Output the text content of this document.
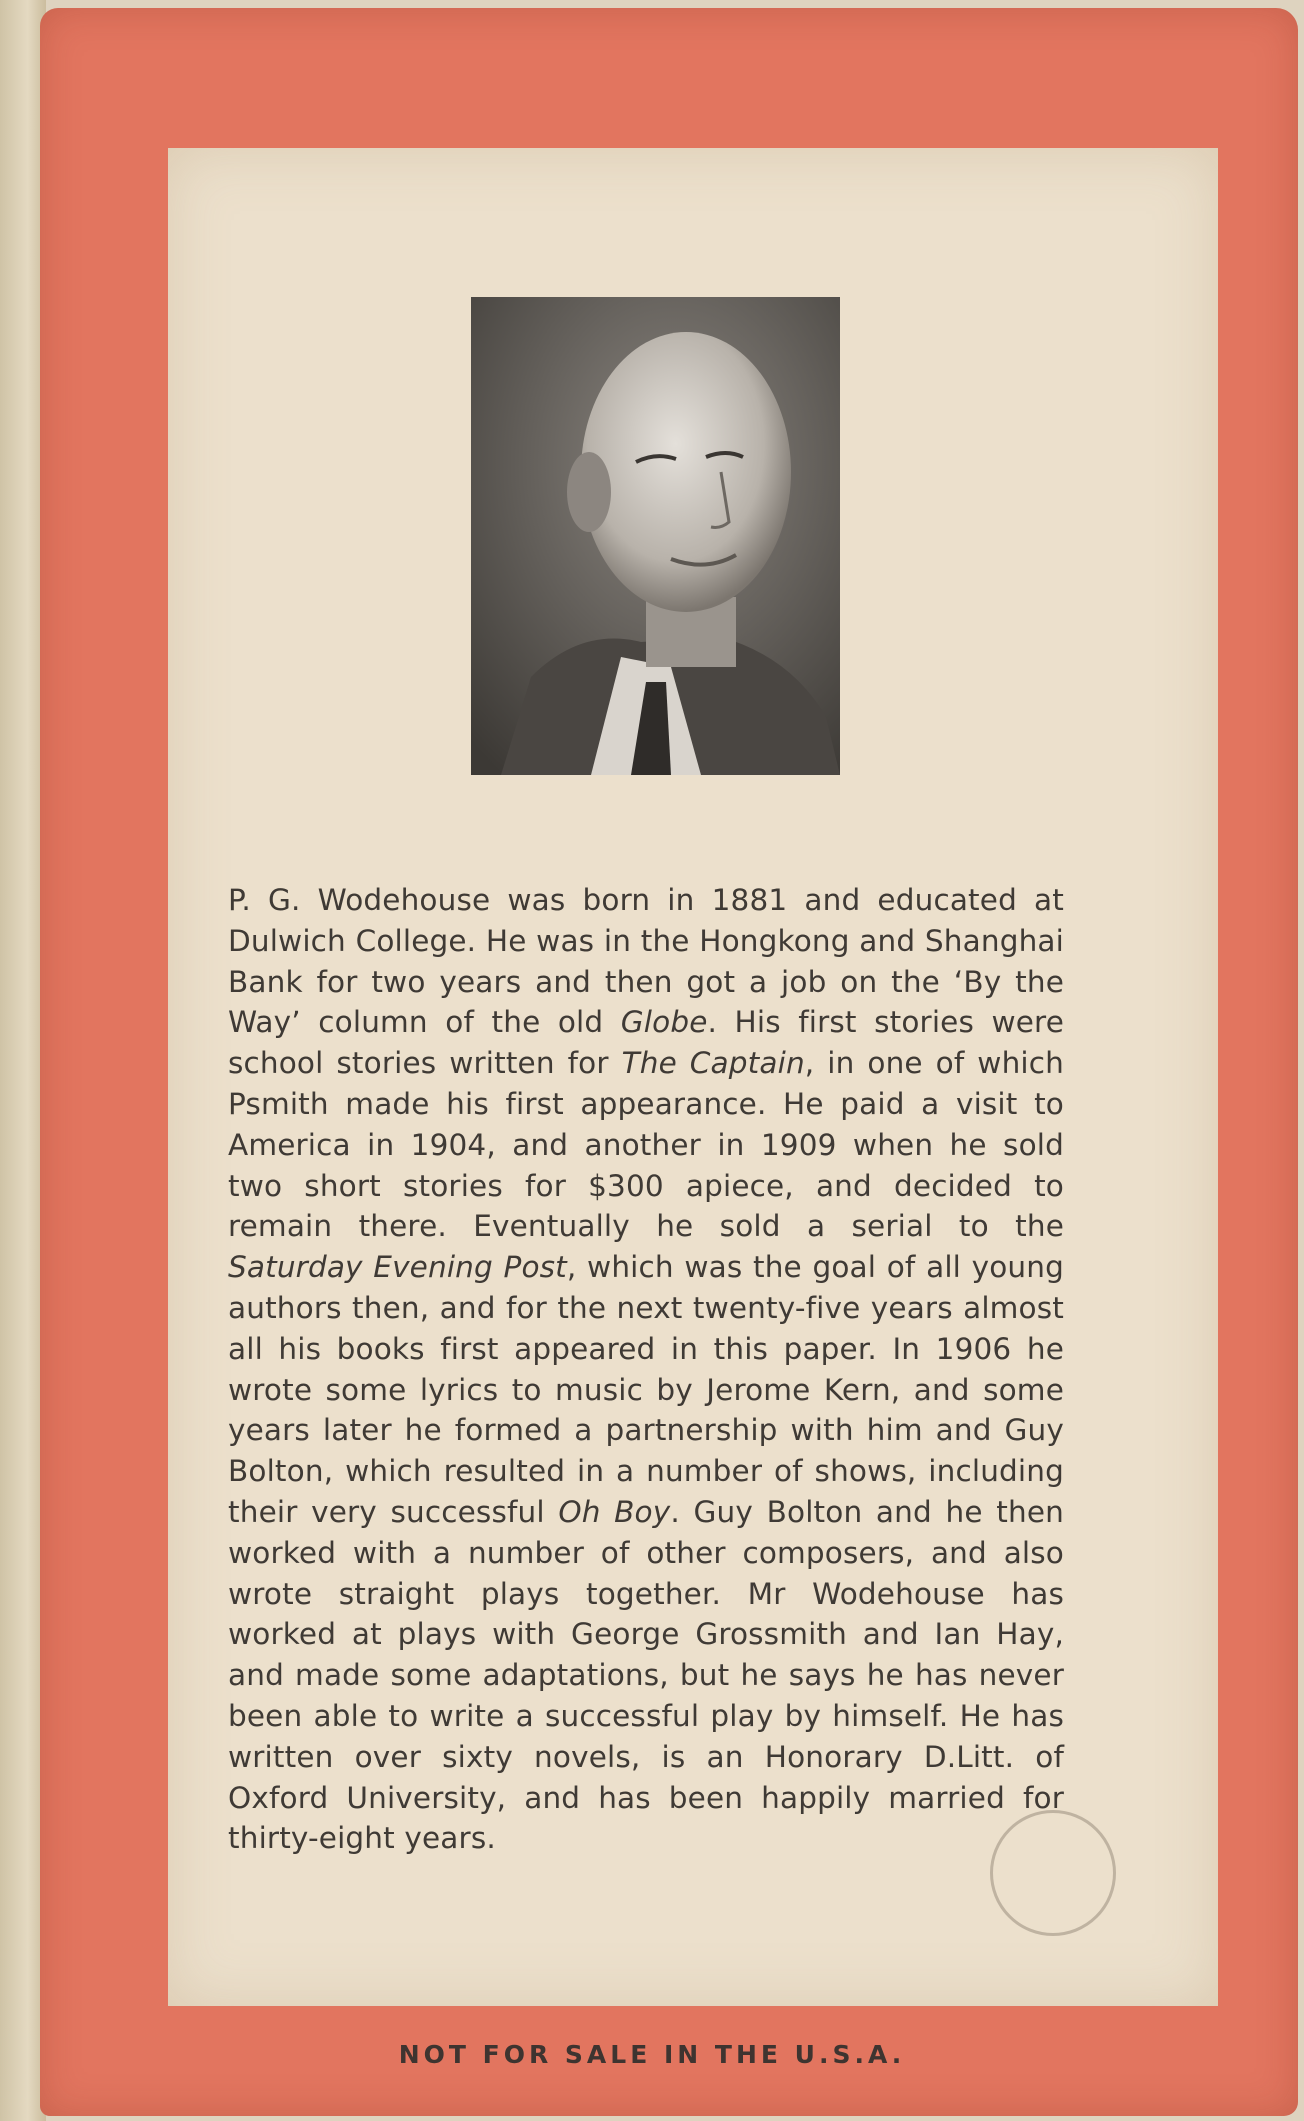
P. G. Wodehouse was born in 1881 and educated at Dulwich College. He was in the Hongkong and Shanghai Bank for two years and then got a job on the ‘By the Way’ column of the old Globe. His first stories were school stories written for The Captain, in one of which Psmith made his first appearance. He paid a visit to America in 1904, and another in 1909 when he sold two short stories for $300 apiece, and decided to remain there. Eventually he sold a serial to the Saturday Evening Post, which was the goal of all young authors then, and for the next twenty-five years almost all his books first appeared in this paper. In 1906 he wrote some lyrics to music by Jerome Kern, and some years later he formed a partnership with him and Guy Bolton, which resulted in a number of shows, including their very successful Oh Boy. Guy Bolton and he then worked with a number of other composers, and also wrote straight plays together. Mr Wodehouse has worked at plays with George Grossmith and Ian Hay, and made some adaptations, but he says he has never been able to write a successful play by himself. He has written over sixty novels, is an Honorary D.Litt. of Oxford University, and has been happily married for thirty-eight years.

NOT FOR SALE IN THE U.S.A.
